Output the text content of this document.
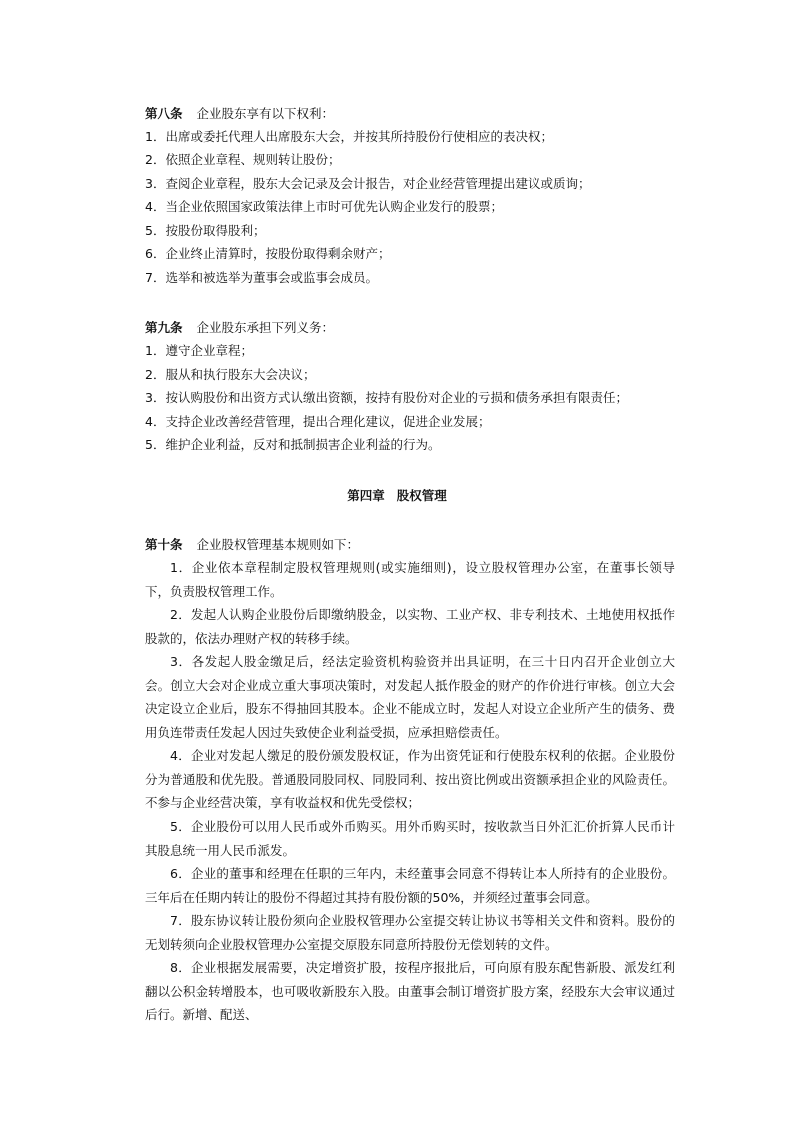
第八条 企业股东享有以下权利：
1．出席或委托代理人出席股东大会，并按其所持股份行使相应的表决权；
2．依照企业章程、规则转让股份；
3．查阅企业章程，股东大会记录及会计报告，对企业经营管理提出建议或质询；
4．当企业依照国家政策法律上市时可优先认购企业发行的股票；
5．按股份取得股利；
6．企业终止清算时，按股份取得剩余财产；
7．选举和被选举为董事会或监事会成员。
第九条 企业股东承担下列义务：
1．遵守企业章程；
2．服从和执行股东大会决议；
3．按认购股份和出资方式认缴出资额，按持有股份对企业的亏损和债务承担有限责任；
4．支持企业改善经营管理，提出合理化建议，促进企业发展；
5．维护企业利益，反对和抵制损害企业利益的行为。
第四章 股权管理
第十条 企业股权管理基本规则如下：

1．企业依本章程制定股权管理规则(或实施细则)，设立股权管理办公室，在董事长领导下，负责股权管理工作。

2．发起人认购企业股份后即缴纳股金，以实物、工业产权、非专利技术、土地使用权抵作股款的，依法办理财产权的转移手续。

3．各发起人股金缴足后，经法定验资机构验资并出具证明，在三十日内召开企业创立大会。创立大会对企业成立重大事项决策时，对发起人抵作股金的财产的作价进行审核。创立大会决定设立企业后，股东不得抽回其股本。企业不能成立时，发起人对设立企业所产生的债务、费用负连带责任发起人因过失致使企业利益受损，应承担赔偿责任。

4．企业对发起人缴足的股份颁发股权证，作为出资凭证和行使股东权利的依据。企业股份分为普通股和优先股。普通股同股同权、同股同利、按出资比例或出资额承担企业的风险责任。不参与企业经营决策，享有收益权和优先受偿权；

5．企业股份可以用人民币或外币购买。用外币购买时，按收款当日外汇汇价折算人民币计其股息统一用人民币派发。

6．企业的董事和经理在任职的三年内，未经董事会同意不得转让本人所持有的企业股份。三年后在任期内转让的股份不得超过其持有股份额的50%，并须经过董事会同意。

7．股东协议转让股份须向企业股权管理办公室提交转让协议书等相关文件和资料。股份的无划转须向企业股权管理办公室提交原股东同意所持股份无偿划转的文件。

8．企业根据发展需要，决定增资扩股，按程序报批后，可向原有股东配售新股、派发红利翻以公积金转增股本，也可吸收新股东入股。由董事会制订增资扩股方案，经股东大会审议通过后行。新增、配送、
